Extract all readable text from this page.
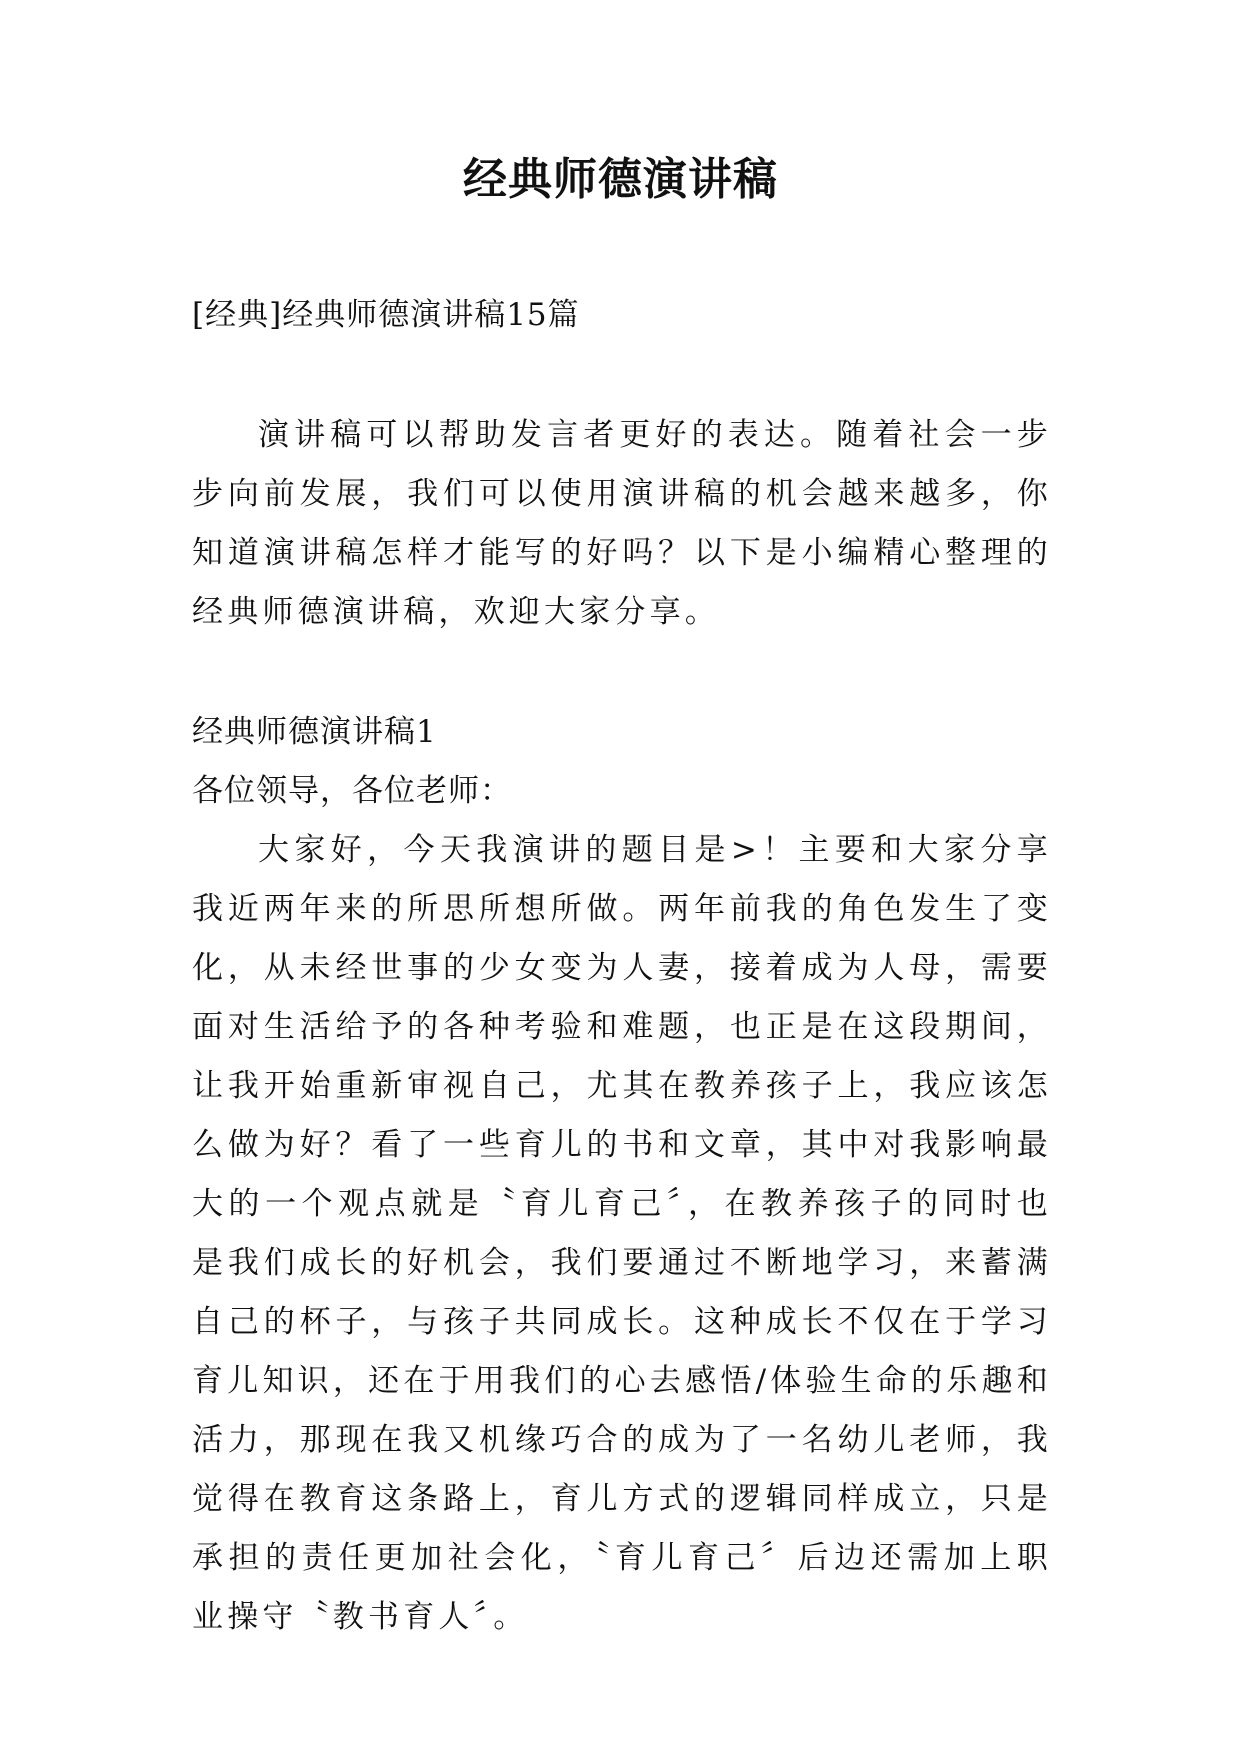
经典师德演讲稿

[经典]经典师德演讲稿15篇

演讲稿可以帮助发言者更好的表达。随着社会一步步向前发展，我们可以使用演讲稿的机会越来越多，你知道演讲稿怎样才能写的好吗？以下是小编精心整理的经典师德演讲稿，欢迎大家分享。

经典师德演讲稿1

各位领导，各位老师：

大家好，今天我演讲的题目是>！主要和大家分享我近两年来的所思所想所做。两年前我的角色发生了变化，从未经世事的少女变为人妻，接着成为人母，需要面对生活给予的各种考验和难题，也正是在这段期间，让我开始重新审视自己，尤其在教养孩子上，我应该怎么做为好？看了一些育儿的书和文章，其中对我影响最大的一个观点就是〝育儿育己〞，在教养孩子的同时也是我们成长的好机会，我们要通过不断地学习，来蓄满自己的杯子，与孩子共同成长。这种成长不仅在于学习育儿知识，还在于用我们的心去感悟/体验生命的乐趣和活力，那现在我又机缘巧合的成为了一名幼儿老师，我觉得在教育这条路上，育儿方式的逻辑同样成立，只是承担的责任更加社会化，〝育儿育己〞后边还需加上职业操守〝教书育人〞。
